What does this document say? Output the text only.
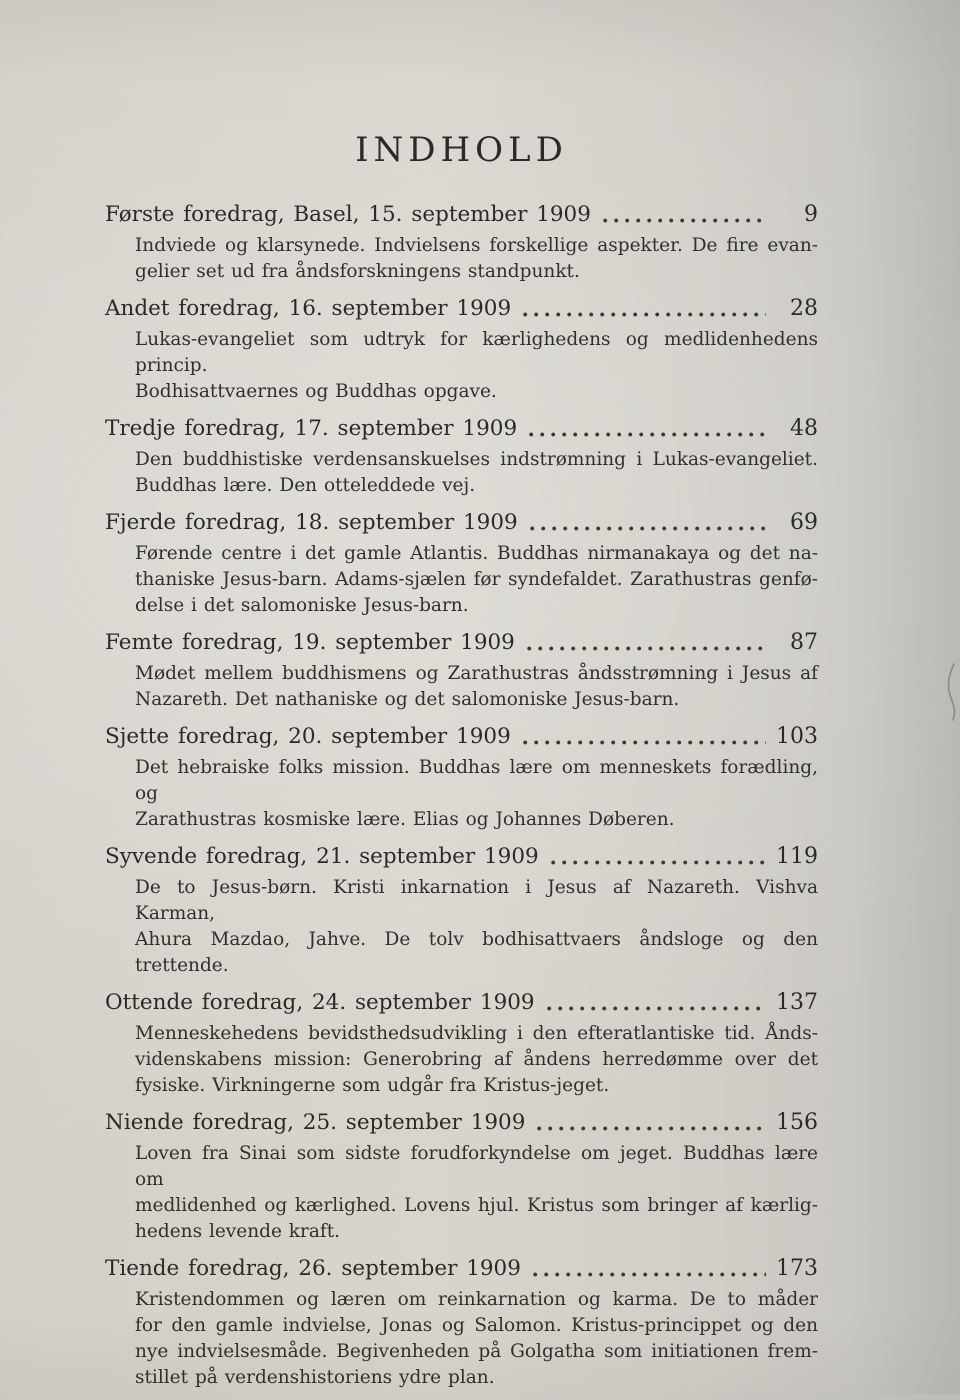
INDHOLD
Første foredrag, Basel, 15. september 1909	9
Indviede og klarsynede. Indvielsens forskellige aspekter. De fire evan-
gelier set ud fra åndsforskningens standpunkt.
Andet foredrag, 16. september 1909	28
Lukas-evangeliet som udtryk for kærlighedens og medlidenhedens princip.
Bodhisattvaernes og Buddhas opgave.
Tredje foredrag, 17. september 1909	48
Den buddhistiske verdensanskuelses indstrømning i Lukas-evangeliet.
Buddhas lære. Den otteleddede vej.
Fjerde foredrag, 18. september 1909	69
Førende centre i det gamle Atlantis. Buddhas nirmanakaya og det na-
thaniske Jesus-barn. Adams-sjælen før syndefaldet. Zarathustras genfø-
delse i det salomoniske Jesus-barn.
Femte foredrag, 19. september 1909	87
Mødet mellem buddhismens og Zarathustras åndsstrømning i Jesus af
Nazareth. Det nathaniske og det salomoniske Jesus-barn.
Sjette foredrag, 20. september 1909	103
Det hebraiske folks mission. Buddhas lære om menneskets forædling, og
Zarathustras kosmiske lære. Elias og Johannes Døberen.
Syvende foredrag, 21. september 1909	119
De to Jesus-børn. Kristi inkarnation i Jesus af Nazareth. Vishva Karman,
Ahura Mazdao, Jahve. De tolv bodhisattvaers åndsloge og den trettende.
Ottende foredrag, 24. september 1909	137
Menneskehedens bevidsthedsudvikling i den efteratlantiske tid. Ånds-
videnskabens mission: Generobring af åndens herredømme over det
fysiske. Virkningerne som udgår fra Kristus-jeget.
Niende foredrag, 25. september 1909	156
Loven fra Sinai som sidste forudforkyndelse om jeget. Buddhas lære om
medlidenhed og kærlighed. Lovens hjul. Kristus som bringer af kærlig-
hedens levende kraft.
Tiende foredrag, 26. september 1909	173
Kristendommen og læren om reinkarnation og karma. De to måder
for den gamle indvielse, Jonas og Salomon. Kristus-princippet og den
nye indvielsesmåde. Begivenheden på Golgatha som initiationen frem-
stillet på verdenshistoriens ydre plan.
